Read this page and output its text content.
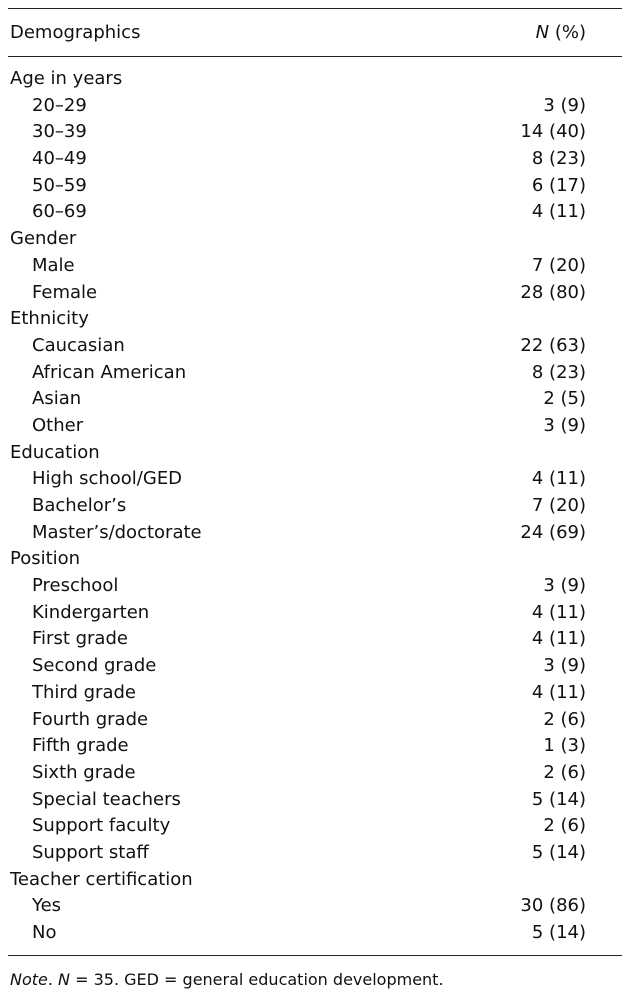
Demographics	N (%)
Age in years
20–29	3 (9)
30–39	14 (40)
40–49	8 (23)
50–59	6 (17)
60–69	4 (11)
Gender
Male	7 (20)
Female	28 (80)
Ethnicity
Caucasian	22 (63)
African American	8 (23)
Asian	2 (5)
Other	3 (9)
Education
High school/GED	4 (11)
Bachelor’s	7 (20)
Master’s/doctorate	24 (69)
Position
Preschool	3 (9)
Kindergarten	4 (11)
First grade	4 (11)
Second grade	3 (9)
Third grade	4 (11)
Fourth grade	2 (6)
Fifth grade	1 (3)
Sixth grade	2 (6)
Special teachers	5 (14)
Support faculty	2 (6)
Support staff	5 (14)
Teacher certification
Yes	30 (86)
No	5 (14)
Note. N = 35. GED = general education development.
